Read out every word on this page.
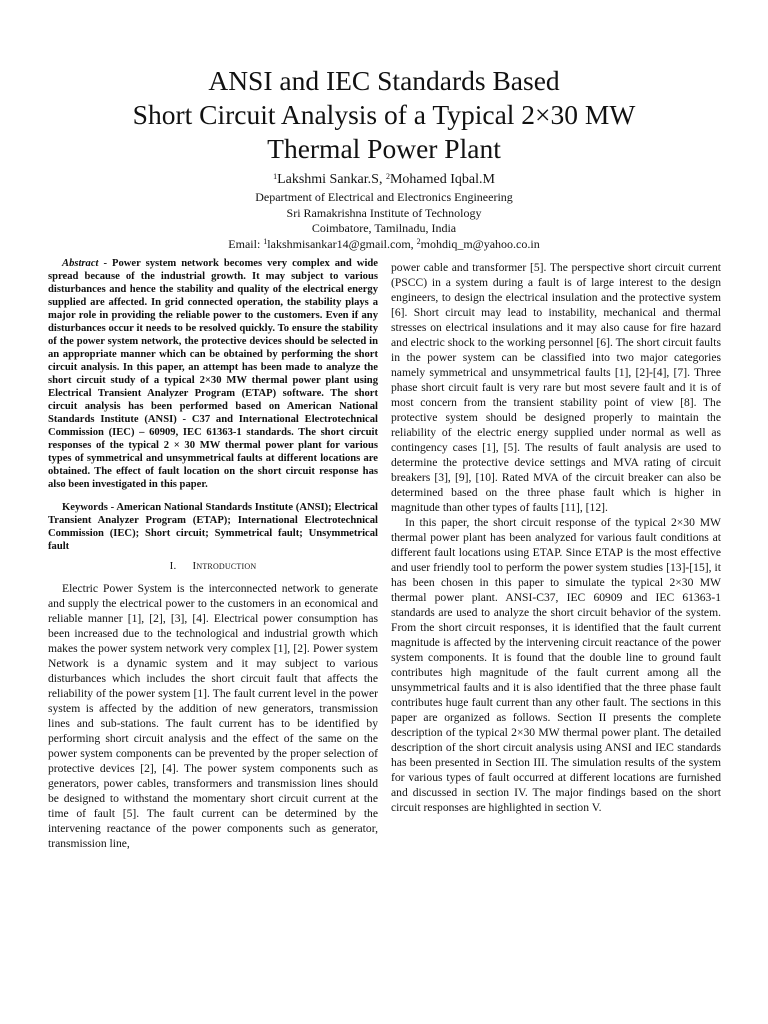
ANSI and IEC Standards Based
Short Circuit Analysis of a Typical 2×30 MW
Thermal Power Plant
$^1$Lakshmi Sankar.S, $^2$Mohamed Iqbal.M
Department of Electrical and Electronics Engineering
Sri Ramakrishna Institute of Technology
Coimbatore, Tamilnadu, India
Email: $^1$lakshmisankar14@gmail.com, $^2$mohdiq_m@yahoo.co.in

Abstract - Power system network becomes very complex and wide spread because of the industrial growth. It may subject to various disturbances and hence the stability and quality of the electrical energy supplied are affected. In grid connected operation, the stability plays a major role in providing the reliable power to the customers. Even if any disturbances occur it needs to be resolved quickly. To ensure the stability of the power system network, the protective devices should be selected in an appropriate manner which can be obtained by performing the short circuit analysis. In this paper, an attempt has been made to analyze the short circuit study of a typical 2×30 MW thermal power plant using Electrical Transient Analyzer Program (ETAP) software. The short circuit analysis has been performed based on American National Standards Institute (ANSI) - C37 and International Electrotechnical Commission (IEC) – 60909, IEC 61363-1 standards. The short circuit responses of the typical 2 × 30 MW thermal power plant for various types of symmetrical and unsymmetrical faults at different locations are obtained. The effect of fault location on the short circuit response has also been investigated in this paper.

Keywords - American National Standards Institute (ANSI); Electrical Transient Analyzer Program (ETAP); International Electrotechnical Commission (IEC); Short circuit; Symmetrical fault; Unsymmetrical fault

I. Introduction

Electric Power System is the interconnected network to generate and supply the electrical power to the customers in an economical and reliable manner [1], [2], [3], [4]. Electrical power consumption has been increased due to the technological and industrial growth which makes the power system network very complex [1], [2]. Power system Network is a dynamic system and it may subject to various disturbances which includes the short circuit fault that affects the reliability of the power system [1]. The fault current level in the power system is affected by the addition of new generators, transmission lines and sub-stations. The fault current has to be identified by performing short circuit analysis and the effect of the same on the power system components can be prevented by the proper selection of protective devices [2], [4]. The power system components such as generators, power cables, transformers and transmission lines should be designed to withstand the momentary short circuit current at the time of fault [5]. The fault current can be determined by the intervening reactance of the power components such as generator, transmission line,

power cable and transformer [5]. The perspective short circuit current (PSCC) in a system during a fault is of large interest to the design engineers, to design the electrical insulation and the protective system [6]. Short circuit may lead to instability, mechanical and thermal stresses on electrical insulations and it may also cause for fire hazard and electric shock to the working personnel [6]. The short circuit faults in the power system can be classified into two major categories namely symmetrical and unsymmetrical faults [1], [2]-[4], [7]. Three phase short circuit fault is very rare but most severe fault and it is of most concern from the transient stability point of view [8]. The protective system should be designed properly to maintain the reliability of the electric energy supplied under normal as well as contingency cases [1], [5]. The results of fault analysis are used to determine the protective device settings and MVA rating of circuit breakers [3], [9], [10]. Rated MVA of the circuit breaker can also be determined based on the three phase fault which is higher in magnitude than other types of faults [11], [12].

In this paper, the short circuit response of the typical 2×30 MW thermal power plant has been analyzed for various fault conditions at different fault locations using ETAP. Since ETAP is the most effective and user friendly tool to perform the power system studies [13]-[15], it has been chosen in this paper to simulate the typical 2×30 MW thermal power plant. ANSI-C37, IEC 60909 and IEC 61363-1 standards are used to analyze the short circuit behavior of the system. From the short circuit responses, it is identified that the fault current magnitude is affected by the intervening circuit reactance of the power system components. It is found that the double line to ground fault contributes high magnitude of the fault current among all the unsymmetrical faults and it is also identified that the three phase fault contributes huge fault current than any other fault. The sections in this paper are organized as follows. Section II presents the complete description of the typical 2×30 MW thermal power plant. The detailed description of the short circuit analysis using ANSI and IEC standards has been presented in Section III. The simulation results of the system for various types of fault occurred at different locations are furnished and discussed in section IV. The major findings based on the short circuit responses are highlighted in section V.
